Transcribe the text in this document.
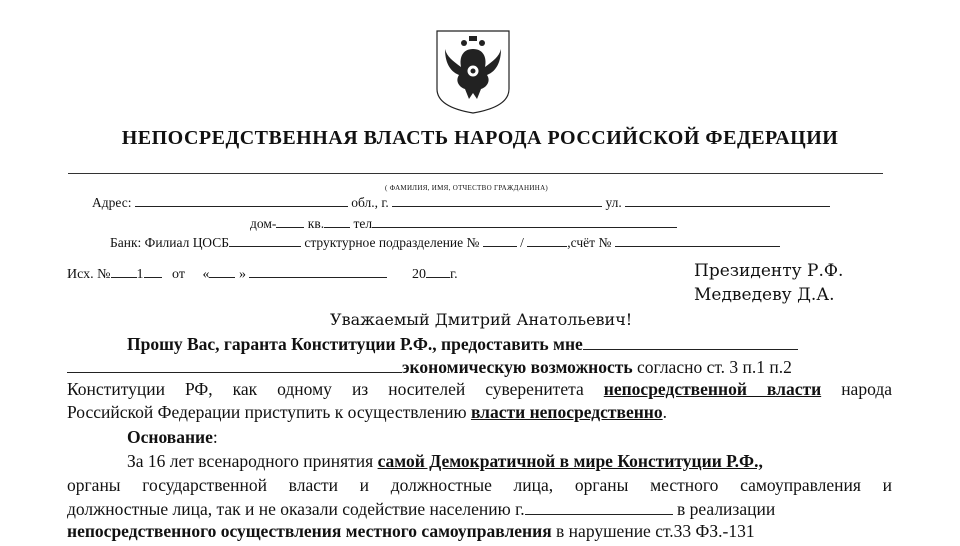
НЕПОСРЕДСТВЕННАЯ ВЛАСТЬ НАРОДА РОССИЙСКОЙ ФЕДЕРАЦИИ
( ФАМИЛИЯ, ИМЯ, ОТЧЕСТВО ГРАЖДАНИНА)
Адрес:	обл., г.	ул.
дом- кв. тел
Банк: Филиал ЦОСБ	структурное подразделение №	/	,счёт №
Исх. № 1 от « »	20 г.	Президенту Р.Ф.
Медведеву Д.А.
Уважаемый Дмитрий Анатольевич!
Прошу Вас, гаранта Конституции Р.Ф., предоставить мне
экономическую возможность согласно ст. 3 п.1 п.2
Конституции РФ, как одному из носителей суверенитета непосредственной власти народа
Российской Федерации приступить к осуществлению власти непосредственно.
Основание:
За 16 лет всенародного принятия самой Демократичной в мире Конституции Р.Ф.,
органы государственной власти и должностные лица, органы местного самоуправления и
должностные лица, так и не оказали содействие населению г.	в реализации
непосредственного осуществления местного самоуправления в нарушение ст.33 ФЗ.-131
